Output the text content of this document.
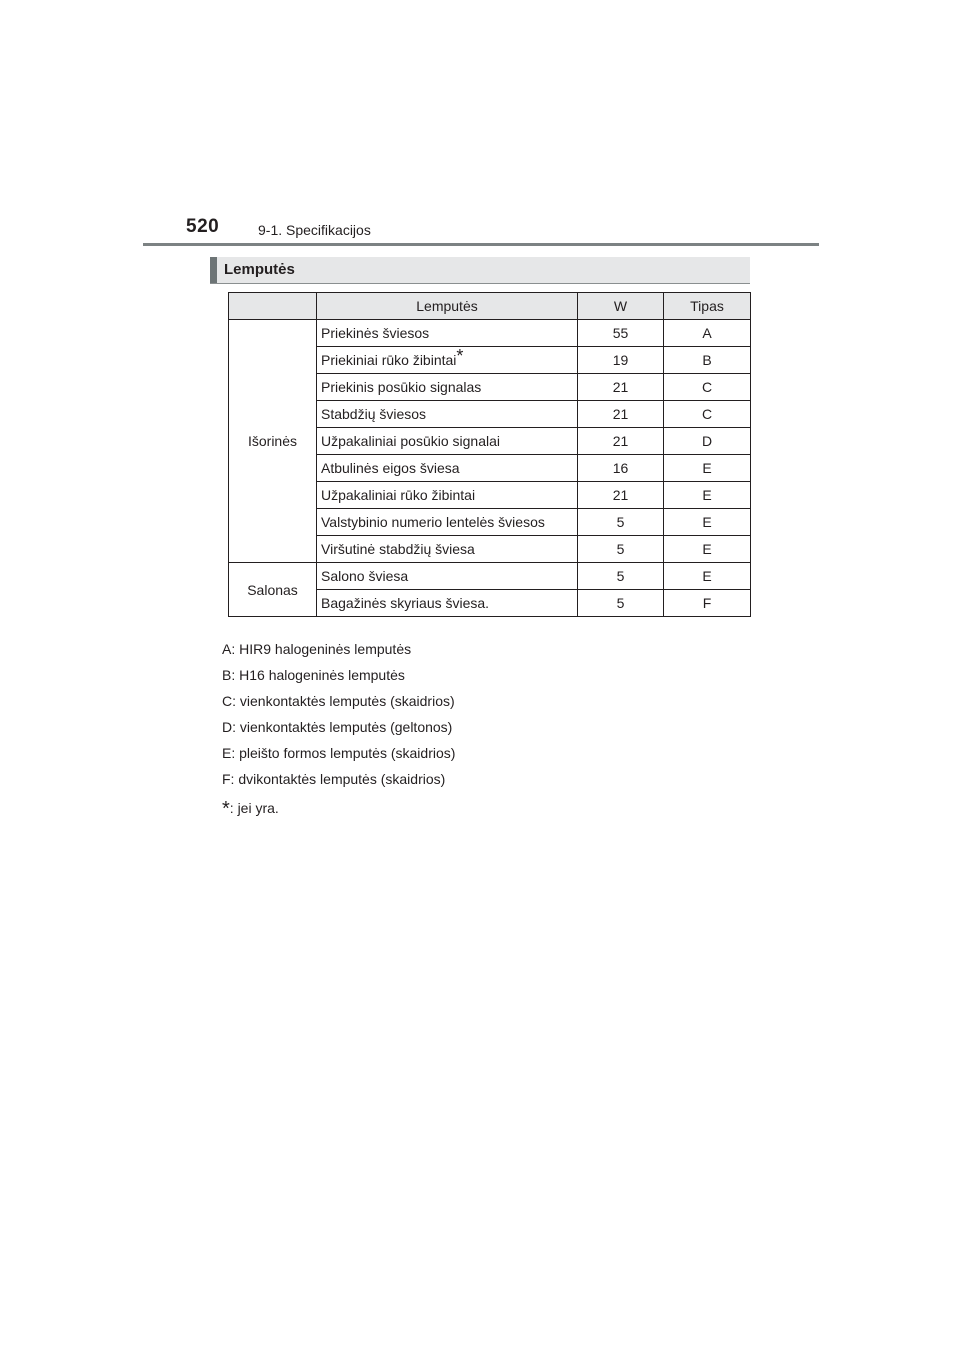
520	9-1. Specifikacijos
Lemputės
	Lemputės	W	Tipas
Išorinės	Priekinės šviesos	55	A
	Priekiniai rūko žibintai*	19	B
	Priekinis posūkio signalas	21	C
	Stabdžių šviesos	21	C
	Užpakaliniai posūkio signalai	21	D
	Atbulinės eigos šviesa	16	E
	Užpakaliniai rūko žibintai	21	E
	Valstybinio numerio lentelės šviesos	5	E
	Viršutinė stabdžių šviesa	5	E
Salonas	Salono šviesa	5	E
	Bagažinės skyriaus šviesa.	5	F
A: HIR9 halogeninės lemputės
B: H16 halogeninės lemputės
C: vienkontaktės lemputės (skaidrios)
D: vienkontaktės lemputės (geltonos)
E: pleišto formos lemputės (skaidrios)
F: dvikontaktės lemputės (skaidrios)
*: jei yra.
